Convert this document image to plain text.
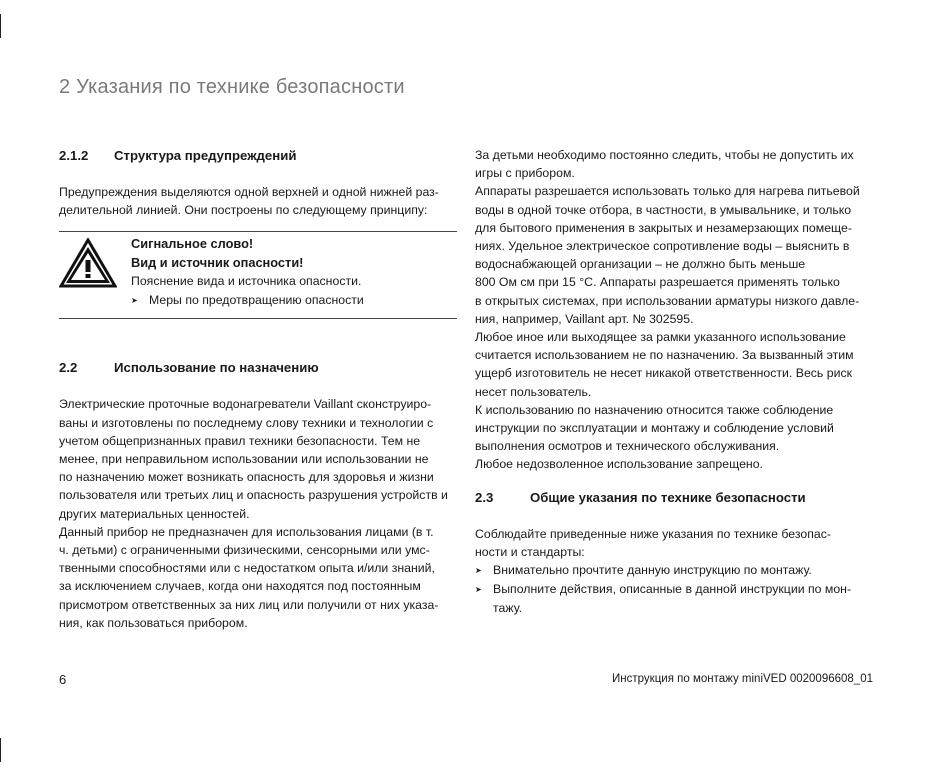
2 Указания по технике безопасности
2.1.2	Структура предупреждений

Предупреждения выделяются одной верхней и одной нижней раз-

делительной линией. Они построены по следующему принципу:

Сигнальное слово!
Вид и источник опасности!
Пояснение вида и источника опасности.
➤ Меры по предотвращению опасности
2.2	Использование по назначению

Электрические проточные водонагреватели Vaillant сконструиро-

ваны и изготовлены по последнему слову техники и технологии с

учетом общепризнанных правил техники безопасности. Тем не

менее, при неправильном использовании или использовании не

по назначению может возникать опасность для здоровья и жизни

пользователя или третьих лиц и опасность разрушения устройств и

других материальных ценностей.

Данный прибор не предназначен для использования лицами (в т.

ч. детьми) с ограниченными физическими, сенсорными или умс-

твенными способностями или с недостатком опыта и/или знаний,

за исключением случаев, когда они находятся под постоянным

присмотром ответственных за них лиц или получили от них указа-

ния, как пользоваться прибором.

За детьми необходимо постоянно следить, чтобы не допустить их

игры с прибором.

Аппараты разрешается использовать только для нагрева питьевой

воды в одной точке отбора, в частности, в умывальнике, и только

для бытового применения в закрытых и незамерзающих помеще-

ниях. Удельное электрическое сопротивление воды – выяснить в

водоснабжающей организации – не должно быть меньше

800 Ом см при 15 °C. Аппараты разрешается применять только

в открытых системах, при использовании арматуры низкого давле-

ния, например, Vaillant арт. № 302595.

Любое иное или выходящее за рамки указанного использование

считается использованием не по назначению. За вызванный этим

ущерб изготовитель не несет никакой ответственности. Весь риск

несет пользователь.

К использованию по назначению относится также соблюдение

инструкции по эксплуатации и монтажу и соблюдение условий

выполнения осмотров и технического обслуживания.

Любое недозволенное использование запрещено.

2.3	Общие указания по технике безопасности

Соблюдайте приведенные ниже указания по технике безопас-

ности и стандарты:

➤ Внимательно прочтите данную инструкцию по монтажу.
➤ Выполните действия, описанные в данной инструкции по мон-
тажу.
6	Инструкция по монтажу miniVED 0020096608_01
